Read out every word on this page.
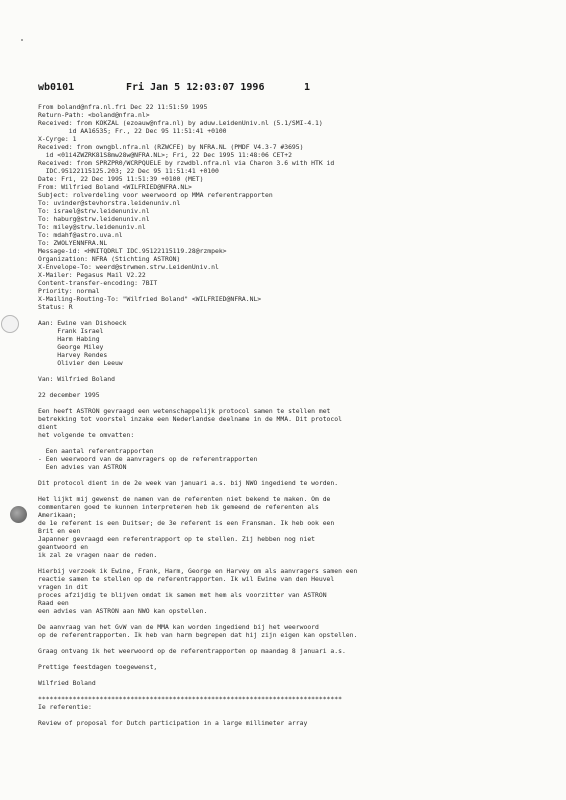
wb0101	Fri Jan 5 12:03:07 1996	1
From boland@nfra.nl.fri Dec 22 11:51:59 1995
Return-Path: <boland@nfra.nl>
Received: from KOKZAL (ezoauw@nfra.nl) by aduw.LeidenUniv.nl (5.1/SMI-4.1)
id AA16535; Fr., 22 Dec 95 11:51:41 +0100
X-Cyrge: 1
Received: from owngbl.nfra.nl (RZWCFE) by NFRA.NL (PMDF V4.3-7 #3695)
id <01i4ZWZRK81S8mw28w@NFRA.NL>; Fri, 22 Dec 1995 11:48:06 CET+2
Received: from SPRZPR0/WCRPQUELE by rzwdbl.nfra.nl via Charon 3.6 with HTK id
IDC.95122115125.203; 22 Dec 95 11:51:41 +0100
Date: Fri, 22 Dec 1995 11:51:39 +0100 (MET)
From: Wilfried Boland <WILFRIED@NFRA.NL>
Subject: rolverdeling voor weerwoord op MMA referentrapporten
To: uvinder@stevhorstra.leidenuniv.nl
To: israel@strw.leidenuniv.nl
To: haburg@strw.leidenuniv.nl
To: miley@strw.leidenuniv.nl
To: mdahf@astro.uva.nl
To: ZWOLYENNFRA.NL
Message-id: <HNITQDRLT IDC.95122115119.28@rzmpek>
Organization: NFRA (Stichting ASTRON)
X-Envelope-To: weerd@strwmen.strw.LeidenUniv.nl
X-Mailer: Pegasus Mail V2.22
Content-transfer-encoding: 7BIT
Priority: normal
X-Mailing-Routing-To: "Wilfried Boland" <WILFRIED@NFRA.NL>
Status: R
Aan: Ewine van Dishoeck
Frank Israel
Harm Habing
George Miley
Harvey Rendes
Olivier den Leeuw
Van: Wilfried Boland
22 december 1995
Een heeft ASTRON gevraagd een wetenschappelijk protocol samen te stellen met
betrekking tot voorstel inzake een Nederlandse deelname in de MMA. Dit protocol
dient
het volgende te omvatten:
Een aantal referentrapporten
- Een weerwoord van de aanvragers op de referentrapporten
Een advies van ASTRON
Dit protocol dient in de 2e week van januari a.s. bij NWO ingediend te worden.
Het lijkt mij gewenst de namen van de referenten niet bekend te maken. Om de
commentaren goed te kunnen interpreteren heb ik gemeend de referenten als
Amerikaan;
de 1e referent is een Duitser; de 3e referent is een Fransman. Ik heb ook een
Brit en een
Japanner gevraagd een referentrapport op te stellen. Zij hebben nog niet
geantwoord en
ik zal ze vragen naar de reden.
Hierbij verzoek ik Ewine, Frank, Harm, George en Harvey om als aanvragers samen een
reactie samen te stellen op de referentrapporten. Ik wil Ewine van den Heuvel
vragen in dit
proces afzijdig te blijven omdat ik samen met hem als voorzitter van ASTRON
Raad een
een advies van ASTRON aan NWO kan opstellen.
De aanvraag van het GvW van de MMA kan worden ingediend bij het weerwoord
op de referentrapporten. Ik heb van harm begrepen dat hij zijn eigen kan opstellen.
Graag ontvang ik het weerwoord op de referentrapporten op maandag 8 januari a.s.
Prettige feestdagen toegewenst,
Wilfried Boland
*******************************************************************************
Ie referentie:
Review of proposal for Dutch participation in a large millimeter array
